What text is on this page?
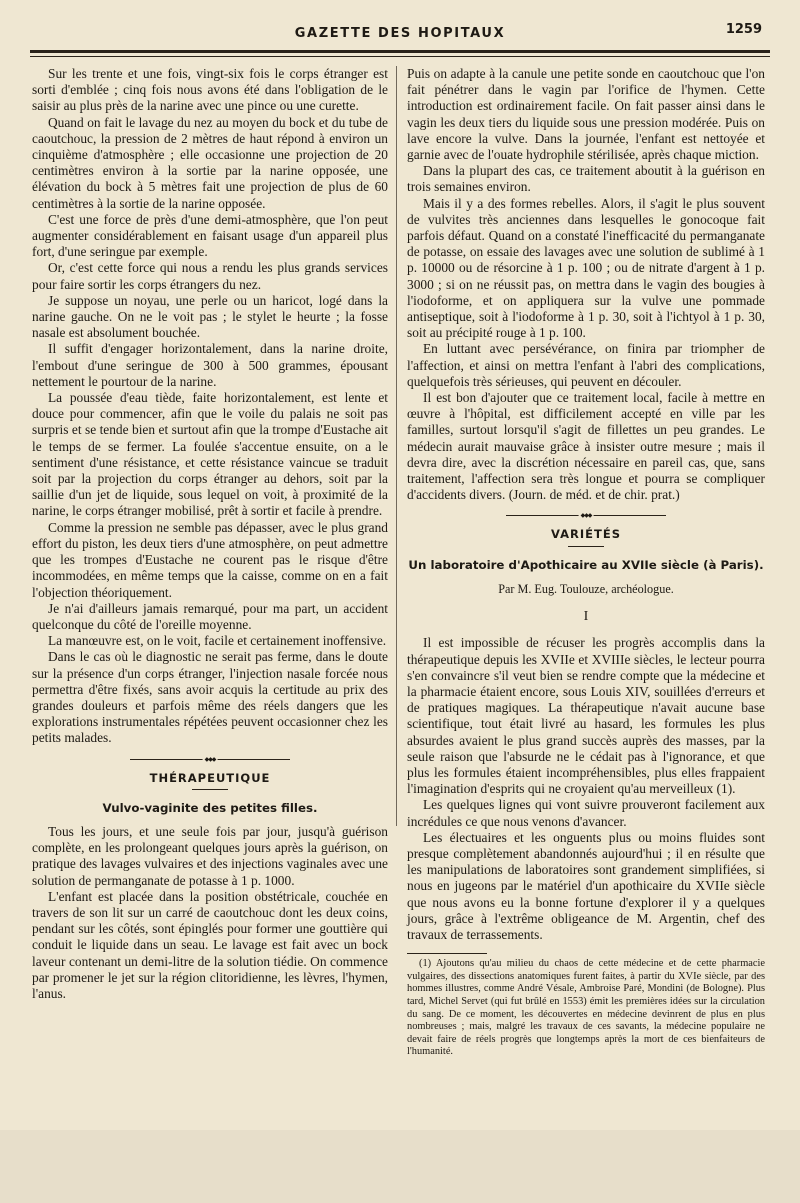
GAZETTE DES HOPITAUX	1259

Sur les trente et une fois, vingt-six fois le corps étranger est sorti d'emblée ; cinq fois nous avons été dans l'obligation de le saisir au plus près de la narine avec une pince ou une curette.

Quand on fait le lavage du nez au moyen du bock et du tube de caoutchouc, la pression de 2 mètres de haut répond à environ un cinquième d'atmosphère ; elle occasionne une projection de 20 centimètres environ à la sortie par la narine opposée, une élévation du bock à 5 mètres fait une projection de plus de 60 centimètres à la sortie de la narine opposée.

C'est une force de près d'une demi-atmosphère, que l'on peut augmenter considérablement en faisant usage d'un appareil plus fort, d'une seringue par exemple.

Or, c'est cette force qui nous a rendu les plus grands services pour faire sortir les corps étrangers du nez.

Je suppose un noyau, une perle ou un haricot, logé dans la narine gauche. On ne le voit pas ; le stylet le heurte ; la fosse nasale est absolument bouchée.

Il suffit d'engager horizontalement, dans la narine droite, l'embout d'une seringue de 300 à 500 grammes, épousant nettement le pourtour de la narine.

La poussée d'eau tiède, faite horizontalement, est lente et douce pour commencer, afin que le voile du palais ne soit pas surpris et se tende bien et surtout afin que la trompe d'Eustache ait le temps de se fermer. La foulée s'accentue ensuite, on a le sentiment d'une résistance, et cette résistance vaincue se traduit soit par la projection du corps étranger au dehors, soit par la saillie d'un jet de liquide, sous lequel on voit, à proximité de la narine, le corps étranger mobilisé, prêt à sortir et facile à prendre.

Comme la pression ne semble pas dépasser, avec le plus grand effort du piston, les deux tiers d'une atmosphère, on peut admettre que les trompes d'Eustache ne courent pas le risque d'être incommodées, en même temps que la caisse, comme on en a fait l'objection théoriquement.

Je n'ai d'ailleurs jamais remarqué, pour ma part, un accident quelconque du côté de l'oreille moyenne.

La manœuvre est, on le voit, facile et certainement inoffensive.

Dans le cas où le diagnostic ne serait pas ferme, dans le doute sur la présence d'un corps étranger, l'injection nasale forcée nous permettra d'être fixés, sans avoir acquis la certitude au prix des grandes douleurs et parfois même des réels dangers que les explorations instrumentales répétées peuvent occasionner chez les petits malades.

◆◆◆
THÉRAPEUTIQUE
Vulvo-vaginite des petites filles.

Tous les jours, et une seule fois par jour, jusqu'à guérison complète, en les prolongeant quelques jours après la guérison, on pratique des lavages vulvaires et des injections vaginales avec une solution de permanganate de potasse à 1 p. 1000.

L'enfant est placée dans la position obstétricale, couchée en travers de son lit sur un carré de caoutchouc dont les deux coins, pendant sur les côtés, sont épinglés pour former une gouttière qui conduit le liquide dans un seau. Le lavage est fait avec un bock laveur contenant un demi-litre de la solution tiédie. On commence par promener le jet sur la région clitoridienne, les lèvres, l'hymen, l'anus.

Puis on adapte à la canule une petite sonde en caoutchouc que l'on fait pénétrer dans le vagin par l'orifice de l'hymen. Cette introduction est ordinairement facile. On fait passer ainsi dans le vagin les deux tiers du liquide sous une pression modérée. Puis on lave encore la vulve. Dans la journée, l'enfant est nettoyée et garnie avec de l'ouate hydrophile stérilisée, après chaque miction.

Dans la plupart des cas, ce traitement aboutit à la guérison en trois semaines environ.

Mais il y a des formes rebelles. Alors, il s'agit le plus souvent de vulvites très anciennes dans lesquelles le gonocoque fait parfois défaut. Quand on a constaté l'inefficacité du permanganate de potasse, on essaie des lavages avec une solution de sublimé à 1 p. 10000 ou de résorcine à 1 p. 100 ; ou de nitrate d'argent à 1 p. 3000 ; si on ne réussit pas, on mettra dans le vagin des bougies à l'iodoforme, et on appliquera sur la vulve une pommade antiseptique, soit à l'iodoforme à 1 p. 30, soit à l'ichtyol à 1 p. 30, soit au précipité rouge à 1 p. 100.

En luttant avec persévérance, on finira par triompher de l'affection, et ainsi on mettra l'enfant à l'abri des complications, quelquefois très sérieuses, qui peuvent en découler.

Il est bon d'ajouter que ce traitement local, facile à mettre en œuvre à l'hôpital, est difficilement accepté en ville par les familles, surtout lorsqu'il s'agit de fillettes un peu grandes. Le médecin aurait mauvaise grâce à insister outre mesure ; mais il devra dire, avec la discrétion nécessaire en pareil cas, que, sans traitement, l'affection sera très longue et pourra se compliquer d'accidents divers. (Journ. de méd. et de chir. prat.)

◆◆◆
VARIÉTÉS
Un laboratoire d'Apothicaire au XVIIe siècle (à Paris).
Par M. Eug. Toulouze, archéologue.
I

Il est impossible de récuser les progrès accomplis dans la thérapeutique depuis les XVIIe et XVIIIe siècles, le lecteur pourra s'en convaincre s'il veut bien se rendre compte que la médecine et la pharmacie étaient encore, sous Louis XIV, souillées d'erreurs et de pratiques magiques. La thérapeutique n'avait aucune base scientifique, tout était livré au hasard, les formules les plus absurdes avaient le plus grand succès auprès des masses, par la seule raison que l'absurde ne le cédait pas à l'ignorance, et que plus les formules étaient incompréhensibles, plus elles frappaient l'imagination d'esprits qui ne croyaient qu'au merveilleux (1).

Les quelques lignes qui vont suivre prouveront facilement aux incrédules ce que nous venons d'avancer.

Les électuaires et les onguents plus ou moins fluides sont presque complètement abandonnés aujourd'hui ; il en résulte que les manipulations de laboratoires sont grandement simplifiées, si nous en jugeons par le matériel d'un apothicaire du XVIIe siècle que nous avons eu la bonne fortune d'explorer il y a quelques jours, grâce à l'extrême obligeance de M. Argentin, chef des travaux de terrassements.

(1) Ajoutons qu'au milieu du chaos de cette médecine et de cette pharmacie vulgaires, des dissections anatomiques furent faites, à partir du XVIe siècle, par des hommes illustres, comme André Vésale, Ambroise Paré, Mondini (de Bologne). Plus tard, Michel Servet (qui fut brûlé en 1553) émit les premières idées sur la circulation du sang. De ce moment, les découvertes en médecine devinrent de plus en plus nombreuses ; mais, malgré les travaux de ces savants, la médecine populaire ne devait faire de réels progrès que longtemps après la mort de ces bienfaiteurs de l'humanité.
